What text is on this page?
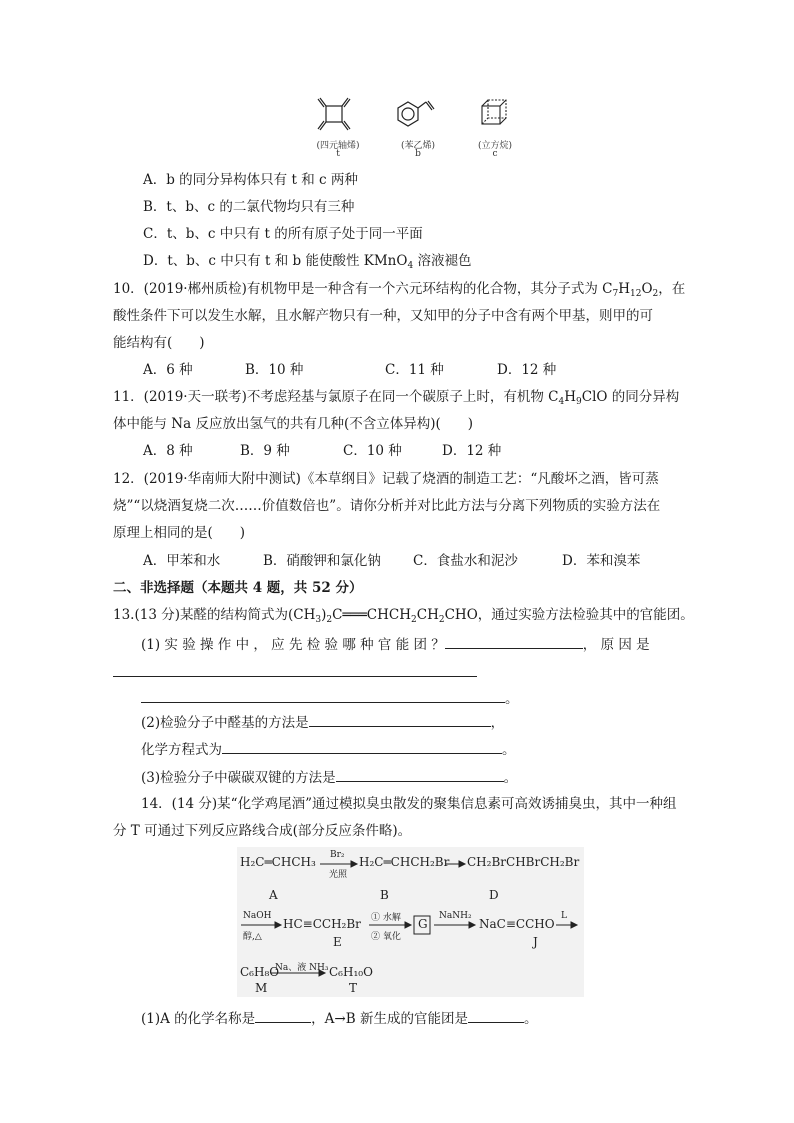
(四元轴烯)
t
(苯乙烯)
b
(立方烷)
c
A．b 的同分异构体只有 t 和 c 两种
B．t、b、c 的二氯代物均只有三种
C．t、b、c 中只有 t 的所有原子处于同一平面
D．t、b、c 中只有 t 和 b 能使酸性 KMnO$_4$ 溶液褪色
10．(2019·郴州质检)有机物甲是一种含有一个六元环结构的化合物，其分子式为 $C_7H_{12}O_2$，在
酸性条件下可以发生水解，且水解产物只有一种，又知甲的分子中含有两个甲基，则甲的可
能结构有(　　)
A．6 种	B．10 种	C．11 种	D．12 种
11．(2019·天一联考)不考虑羟基与氯原子在同一个碳原子上时，有机物 $C_4H_9ClO$ 的同分异构
体中能与 Na 反应放出氢气的共有几种(不含立体异构)(　　)
A．8 种	B．9 种	C．10 种	D．12 种
12．(2019·华南师大附中测试)《本草纲目》记载了烧酒的制造工艺：“凡酸坏之酒，皆可蒸
烧”“以烧酒复烧二次……价值数倍也”。请你分析并对比此方法与分离下列物质的实验方法在
原理上相同的是(　　)
A．甲苯和水	B．硝酸钾和氯化钠 C．食盐水和泥沙	D．苯和溴苯
二、非选择题（本题共 4 题，共 52 分）
13.(13 分)某醛的结构简式为$(CH_3)_2C═══CHCH_2CH_2CHO$，通过实验方法检验其中的官能团。
(1) 实 验 操 作 中 ， 应 先 检 验 哪 种 官 能 团 ？	， 原 因 是
。
(2)检验分子中醛基的方法是	，
化学方程式为	。
(3)检验分子中碳碳双键的方法是	。
14．(14 分)某“化学鸡尾酒”通过模拟臭虫散发的聚集信息素可高效诱捕臭虫，其中一种组
分 T 可通过下列反应路线合成(部分反应条件略)。
H₂C═CHCH₃ Br₂
光照
H₂C═CHCH₂Br CH₂BrCHBrCH₂Br
A	B	D
NaOH
醇,△
HC≡CCH₂Br
E
① 水解
② 氧化
G
NaNH₂
NaC≡CCHO
J
L
C₆H₈O
M
Na、液 NH₃ C₆H₁₀O
T
(1)A 的化学名称是	，A→B 新生成的官能团是	。
